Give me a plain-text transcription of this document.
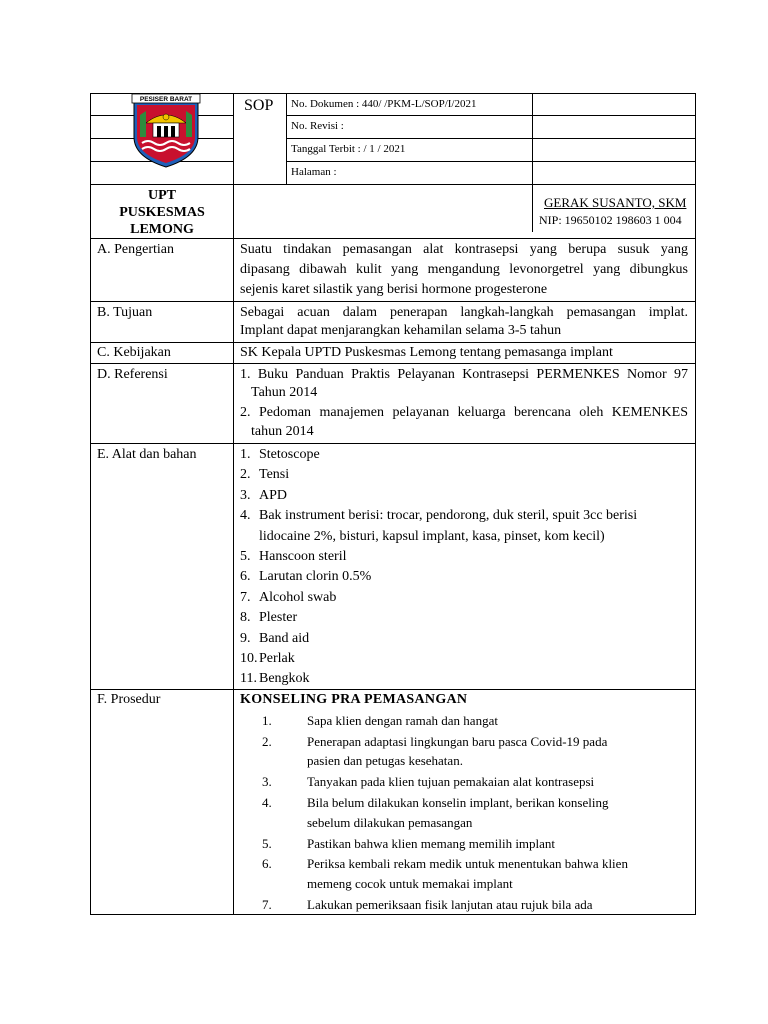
PESISER BARAT	SOP No. Dokumen : 440/ /PKM-L/SOP/I/2021
No. Revisi :
Tanggal Terbit : / 1 / 2021
Halaman :
UPT
PUSKESMAS
LEMONG
GERAK SUSANTO, SKM
NIP: 19650102 198603 1 004
A. Pengertian	Suatu tindakan pemasangan alat kontrasepsi yang berupa susuk yang
dipasang dibawah kulit yang mengandung levonorgetrel yang dibungkus
sejenis karet silastik yang berisi hormone progesterone
B. Tujuan	Sebagai acuan dalam penerapan langkah-langkah pemasangan implat.
Implant dapat menjarangkan kehamilan selama 3-5 tahun
C. Kebijakan	SK Kepala UPTD Puskesmas Lemong tentang pemasanga implant
D. Referensi	1. Buku Panduan Praktis Pelayanan Kontrasepsi PERMENKES Nomor 97
Tahun 2014
2. Pedoman manajemen pelayanan keluarga berencana oleh KEMENKES
tahun 2014
E. Alat dan bahan	1. Stetoscope
2. Tensi
3. APD
4. Bak instrument berisi: trocar, pendorong, duk steril, spuit 3cc berisi
lidocaine 2%, bisturi, kapsul implant, kasa, pinset, kom kecil)
5. Hanscoon steril
6. Larutan clorin 0.5%
7. Alcohol swab
8. Plester
9. Band aid
10. Perlak
11. Bengkok
F. Prosedur	KONSELING PRA PEMASANGAN
1.	Sapa klien dengan ramah dan hangat
2.	Penerapan adaptasi lingkungan baru pasca Covid-19 pada
pasien dan petugas kesehatan.
3.	Tanyakan pada klien tujuan pemakaian alat kontrasepsi
4.	Bila belum dilakukan konselin implant, berikan konseling
sebelum dilakukan pemasangan
5.	Pastikan bahwa klien memang memilih implant
6.	Periksa kembali rekam medik untuk menentukan bahwa klien
memeng cocok untuk memakai implant
7.	Lakukan pemeriksaan fisik lanjutan atau rujuk bila ada
